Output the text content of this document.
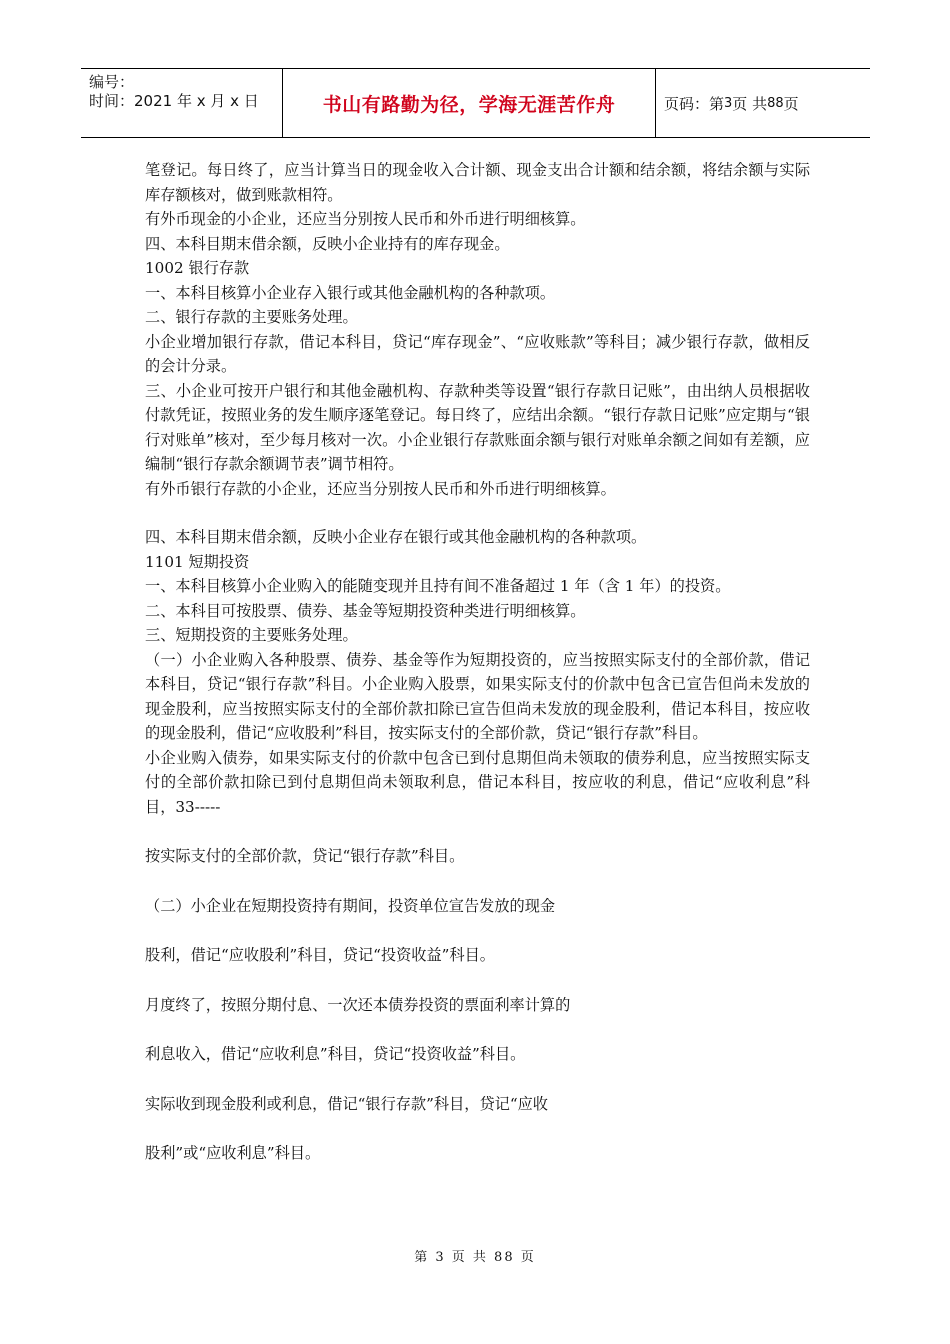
编号：
时间：2021 年 x 月 x 日	书山有路勤为径，学海无涯苦作舟	页码：第 3 页 共 88 页

笔登记。每日终了，应当计算当日的现金收入合计额、现金支出合计额和结余额，将结余额与实际库存额核对，做到账款相符。

有外币现金的小企业，还应当分别按人民币和外币进行明细核算。

四、本科目期末借余额，反映小企业持有的库存现金。

1002 银行存款

一、本科目核算小企业存入银行或其他金融机构的各种款项。

二、银行存款的主要账务处理。

小企业增加银行存款，借记本科目，贷记“库存现金”、“应收账款”等科目；减少银行存款，做相反的会计分录。

三、小企业可按开户银行和其他金融机构、存款种类等设置“银行存款日记账”，由出纳人员根据收付款凭证，按照业务的发生顺序逐笔登记。每日终了，应结出余额。“银行存款日记账”应定期与“银行对账单”核对，至少每月核对一次。小企业银行存款账面余额与银行对账单余额之间如有差额，应编制“银行存款余额调节表”调节相符。

有外币银行存款的小企业，还应当分别按人民币和外币进行明细核算。

四、本科目期末借余额，反映小企业存在银行或其他金融机构的各种款项。

1101 短期投资

一、本科目核算小企业购入的能随变现并且持有间不准备超过 1 年（含 1 年）的投资。

二、本科目可按股票、债券、基金等短期投资种类进行明细核算。

三、短期投资的主要账务处理。

（一）小企业购入各种股票、债券、基金等作为短期投资的，应当按照实际支付的全部价款，借记本科目，贷记“银行存款”科目。小企业购入股票，如果实际支付的价款中包含已宣告但尚未发放的现金股利，应当按照实际支付的全部价款扣除已宣告但尚未发放的现金股利，借记本科目，按应收的现金股利，借记“应收股利”科目，按实际支付的全部价款，贷记“银行存款”科目。

小企业购入债券，如果实际支付的价款中包含已到付息期但尚未领取的债券利息，应当按照实际支付的全部价款扣除已到付息期但尚未领取利息，借记本科目，按应收的利息，借记“应收利息”科目，33-----

按实际支付的全部价款，贷记“银行存款”科目。

（二）小企业在短期投资持有期间，投资单位宣告发放的现金

股利，借记“应收股利”科目，贷记“投资收益”科目。

月度终了，按照分期付息、一次还本债券投资的票面利率计算的

利息收入，借记“应收利息”科目，贷记“投资收益”科目。

实际收到现金股利或利息，借记“银行存款”科目，贷记“应收

股利”或“应收利息”科目。

第 3 页 共 88 页
